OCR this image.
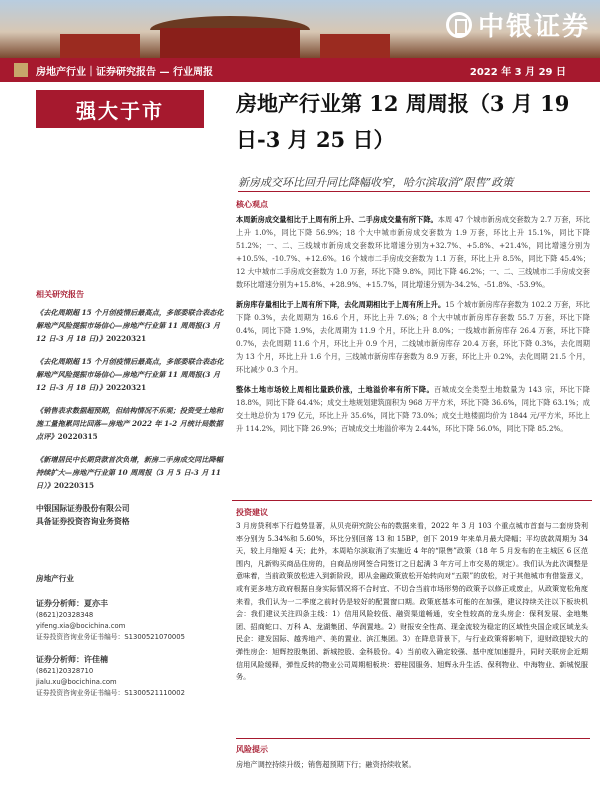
中银证券
房地产行业｜证券研究报告 — 行业周报	2022 年 3 月 29 日
强大于市	房地产行业第 12 周周报（3 月 19 日-3 月 25 日）
新房成交环比回升同比降幅收窄，哈尔滨取消“限售”政策
相关研究报告
《去化周期超 15 个月创疫情后最高点，多部委联合表态化解地产风险提振市场信心—房地产行业第 11 周周报(3 月 12 日-3 月 18 日)》20220321
《去化周期超 15 个月创疫情后最高点，多部委联合表态化解地产风险提振市场信心—房地产行业第 11 周周报(3 月 12 日-3 月 18 日)》20220321
《销售表求数据超预期，但结构情况不乐观；投资受土地和施工量拖累同比回落—房地产 2022 年 1-2 月统计局数据点评》20220315
《新增居民中长期贷款首次负增，新房二手房成交同比降幅持续扩大—房地产行业第 10 周周报（3 月 5 日-3 月 11 日）》20220315
中银国际证券股份有限公司
具备证券投资咨询业务资格
房地产行业
证券分析师：夏亦丰
(8621)20328348
yifeng.xia@bocichina.com
证券投资咨询业务证书编号：S1300521070005
证券分析师：许佳楠
(8621)20328710
jialu.xu@bocichina.com
证券投资咨询业务证书编号：S1300521110002
核心观点
本周新房成交量相比于上周有所上升、二手房成交量有所下降。本周 47 个城市新房成交套数为 2.7 万套，环比上升 1.0%，同比下降 56.9%；18 个大中城市新房成交套数为 1.9 万套，环比上升 15.1%，同比下降 51.2%；一、二、三线城市新房成交套数环比增速分别为+32.7%、+5.8%、+21.4%，同比增速分别为+10.5%、-10.7%、+12.6%。16 个城市二手房成交套数为 1.1 万套，环比上升 8.5%，同比下降 45.4%；12 大中城市二手房成交套数为 1.0 万套，环比下降 9.8%，同比下降 46.2%；一、二、三线城市二手房成交套数环比增速分别为+15.8%、+28.9%、+15.7%，同比增速分别为-34.2%、-51.8%、-53.9%。
新房库存量相比于上周有所下降，去化周期相比于上周有所上升。15 个城市新房库存套数为 102.2 万套，环比下降 0.3%，去化周期为 16.6 个月，环比上升 7.6%；8 个大中城市新房库存套数 55.7 万套，环比下降 0.4%，同比下降 1.9%，去化周期为 11.9 个月，环比上升 8.0%；一线城市新房库存 26.4 万套，环比下降 0.7%，去化周期 11.6 个月，环比上升 0.9 个月，二线城市新房库存 20.4 万套，环比下降 0.3%，去化周期为 13 个月，环比上升 1.6 个月，三线城市新房库存套数为 8.9 万套，环比上升 0.2%，去化周期 21.5 个月，环比减少 0.3 个月。
整体土地市场较上周相比量跌价涨，土地溢价率有所下降。百城成交全类型土地数量为 143 宗，环比下降 18.8%，同比下降 64.4%；成交土地规划建筑面积为 968 万平方米，环比下降 36.6%，同比下降 63.1%；成交土地总价为 179 亿元，环比上升 35.6%，同比下降 73.0%；成交土地楼面均价为 1844 元/平方米，环比上升 114.2%，同比下降 26.9%；百城成交土地溢价率为 2.44%，环比下降 56.0%，同比下降 85.2%。
投资建议
3 月房贷利率下行趋势显著，从贝壳研究院公布的数据来看，2022 年 3 月 103 个重点城市首套与二套房贷利率分别为 5.34%和 5.60%，环比分别回落 13 和 15BP，创下 2019 年来单月最大降幅；平均放款周期为 34 天，较上月缩短 4 天；此外，本周哈尔滨取消了实施近 4 年的“限售”政策（18 年 5 月发布的在主城区 6 区范围内，凡新购买商品住房的，自商品房网签合同签订之日起满 3 年方可上市交易的规定）。我们认为此次调整是意味着，当前政策放松进入到新阶段，即从金融政策放松开始转向对“五限”的放松，对于其他城市有借鉴意义，或有更多地方政府根据自身实际情况将不合时宜、不切合当前市场形势的政策予以修正或废止，从政策宽松角度来看，我们认为一二季度之前时仍是较好的配置窗口期。政策底基本可能的在加强，建议持续关注以下板块机会：我们建议关注四条主线：1）信用风险较低、融资渠道畅通，安全性较高的龙头房企：保利发展、金地集团、招商蛇口、万科 A、龙湖集团、华润置地。2）财报安全性高、现金流较为稳定的区域性央国企或区域龙头民企：建发国际、越秀地产、美的置业、滨江集团。3）在降息背景下，与行业政策将影响下，迎财政提较大的弹性房企：旭辉控股集团、新城控股、金科股份。4）当前收入确定较强、基中度加速提升，同时关联房企近期信用风险缓释，弹性反转的物业公司周期相板块：碧桂园服务、旭辉永升生活、保利物业、中海物业、新城悦服务。
风险提示
房地产调控持续升级；销售超预期下行；融资持续收紧。
